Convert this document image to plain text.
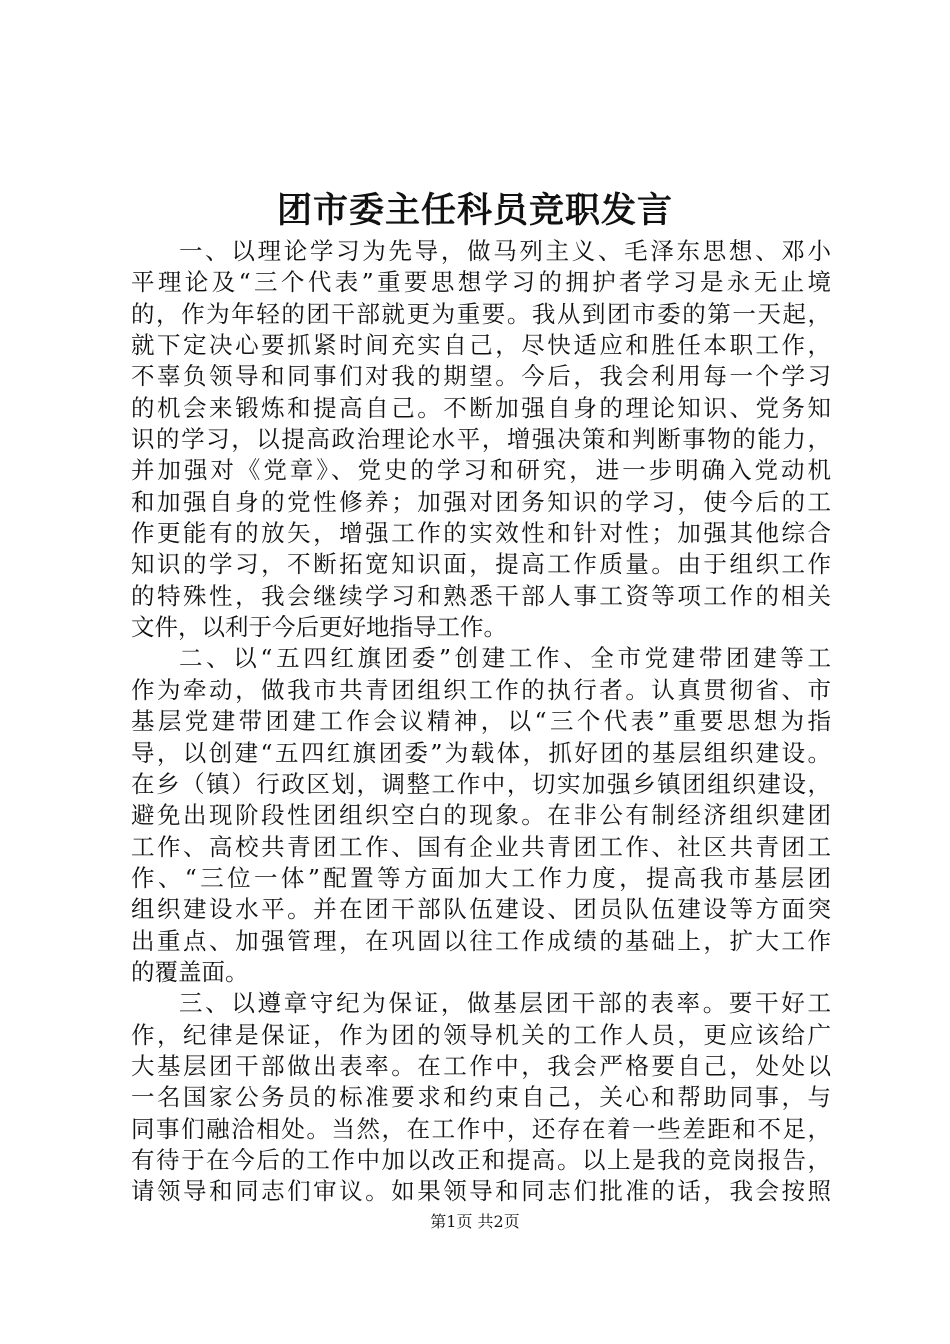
团市委主任科员竞职发言
一、以理论学习为先导，做马列主义、毛泽东思想、邓小
平理论及“三个代表”重要思想学习的拥护者学习是永无止境
的，作为年轻的团干部就更为重要。我从到团市委的第一天起，
就下定决心要抓紧时间充实自己，尽快适应和胜任本职工作，
不辜负领导和同事们对我的期望。今后，我会利用每一个学习
的机会来锻炼和提高自己。不断加强自身的理论知识、党务知
识的学习，以提高政治理论水平，增强决策和判断事物的能力，
并加强对《党章》、党史的学习和研究，进一步明确入党动机
和加强自身的党性修养；加强对团务知识的学习，使今后的工
作更能有的放矢，增强工作的实效性和针对性；加强其他综合
知识的学习，不断拓宽知识面，提高工作质量。由于组织工作
的特殊性，我会继续学习和熟悉干部人事工资等项工作的相关
文件，以利于今后更好地指导工作。
二、以“五四红旗团委”创建工作、全市党建带团建等工
作为牵动，做我市共青团组织工作的执行者。认真贯彻省、市
基层党建带团建工作会议精神，以“三个代表”重要思想为指
导，以创建“五四红旗团委”为载体，抓好团的基层组织建设。
在乡（镇）行政区划，调整工作中，切实加强乡镇团组织建设，
避免出现阶段性团组织空白的现象。在非公有制经济组织建团
工作、高校共青团工作、国有企业共青团工作、社区共青团工
作、“三位一体”配置等方面加大工作力度，提高我市基层团
组织建设水平。并在团干部队伍建设、团员队伍建设等方面突
出重点、加强管理，在巩固以往工作成绩的基础上，扩大工作
的覆盖面。
三、以遵章守纪为保证，做基层团干部的表率。要干好工
作，纪律是保证，作为团的领导机关的工作人员，更应该给广
大基层团干部做出表率。在工作中，我会严格要自己，处处以
一名国家公务员的标准要求和约束自己，关心和帮助同事，与
同事们融洽相处。当然，在工作中，还存在着一些差距和不足，
有待于在今后的工作中加以改正和提高。以上是我的竞岗报告，
请领导和同志们审议。如果领导和同志们批准的话，我会按照
第1页 共2页
